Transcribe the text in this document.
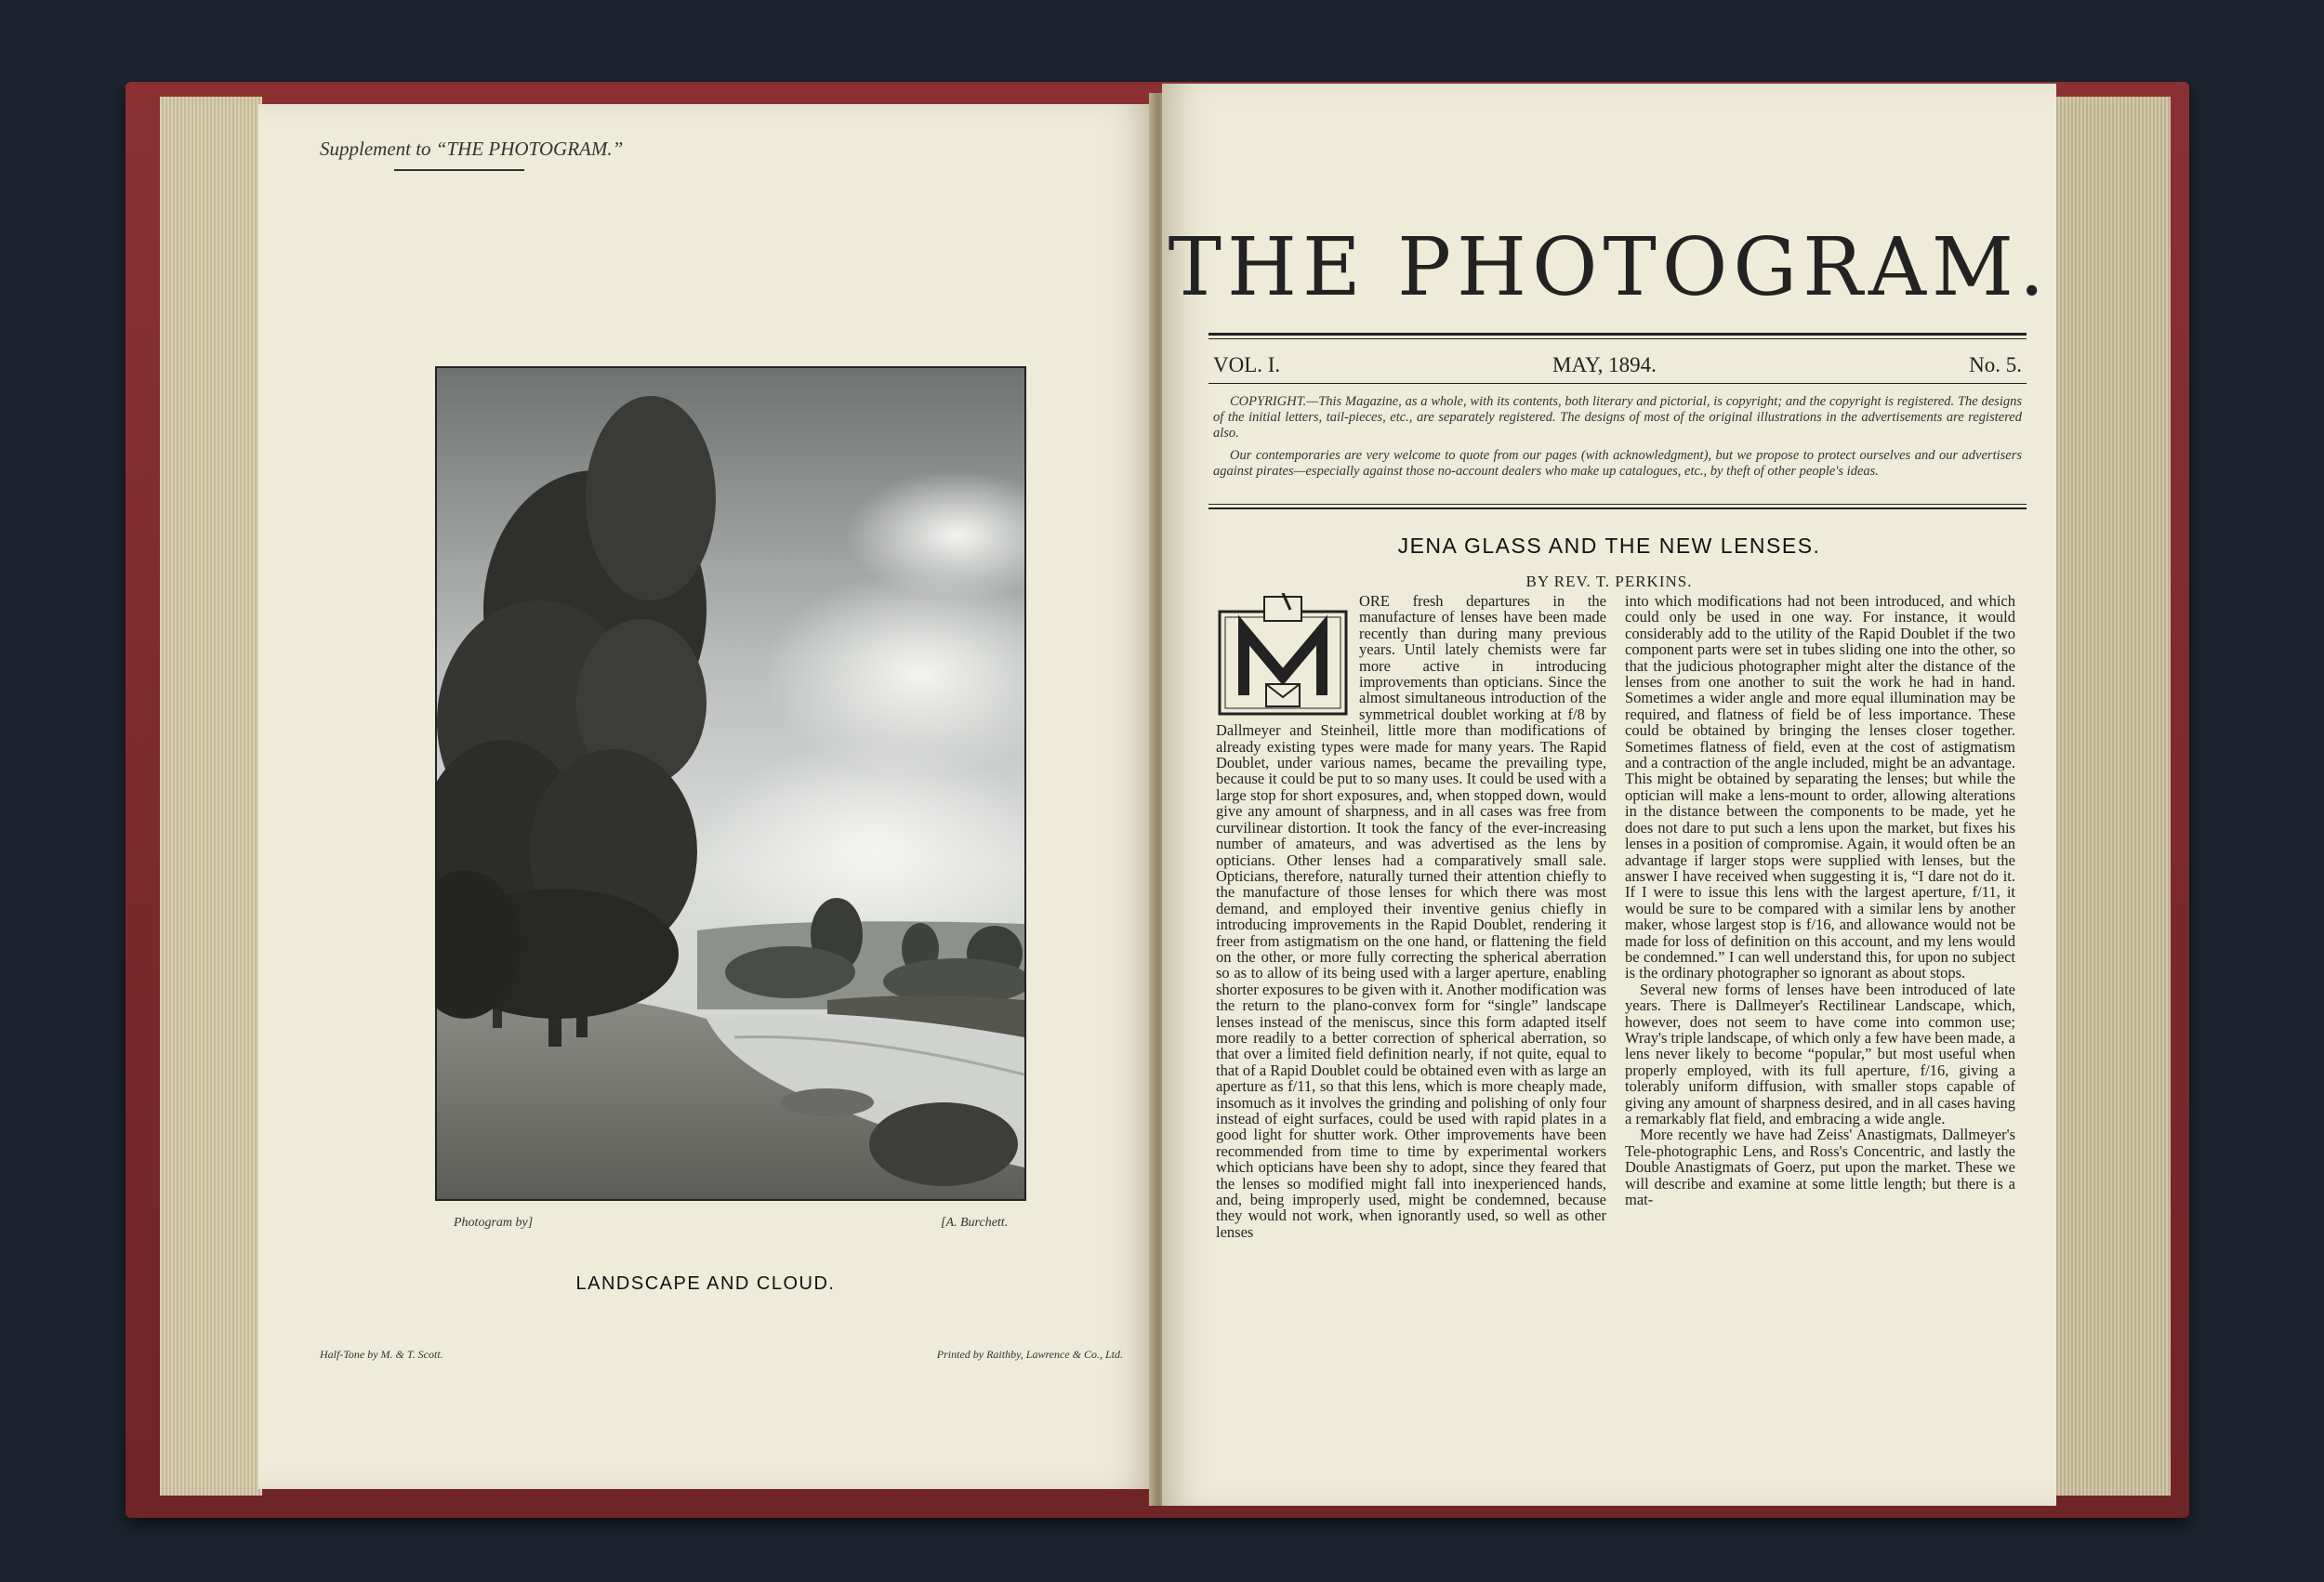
Supplement to “THE PHOTOGRAM.”
Photogram by]	[A. Burchett.
LANDSCAPE AND CLOUD.
Half-Tone by M. & T. Scott.	Printed by Raithby, Lawrence & Co., Ltd.
THE PHOTOGRAM.
VOL. I.	MAY, 1894.	No. 5.
COPYRIGHT.—This Magazine, as a whole, with its contents, both literary and pictorial, is copyright; and the copyright is registered. The designs of the initial letters, tail-pieces, etc., are separately registered. The designs of most of the original illustrations in the advertisements are registered also.
Our contemporaries are very welcome to quote from our pages (with acknowledgment), but we propose to protect ourselves and our advertisers against pirates—especially against those no-account dealers who make up catalogues, etc., by theft of other people's ideas.
JENA GLASS AND THE NEW LENSES.
BY REV. T. PERKINS.

ORE fresh departures in the manufacture of lenses have been made recently than during many previous years. Until lately chemists were far more active in introducing improvements than opticians. Since the almost simultaneous introduction of the symmetrical doublet working at f/8 by Dallmeyer and Steinheil, little more than modifications of already existing types were made for many years. The Rapid Doublet, under various names, became the prevailing type, because it could be put to so many uses. It could be used with a large stop for short exposures, and, when stopped down, would give any amount of sharpness, and in all cases was free from curvilinear distortion. It took the fancy of the ever-increasing number of amateurs, and was advertised as the lens by opticians. Other lenses had a comparatively small sale. Opticians, therefore, naturally turned their attention chiefly to the manufacture of those lenses for which there was most demand, and employed their inventive genius chiefly in introducing improvements in the Rapid Doublet, rendering it freer from astigmatism on the one hand, or flattening the field on the other, or more fully correcting the spherical aberration so as to allow of its being used with a larger aperture, enabling shorter exposures to be given with it. Another modification was the return to the plano-convex form for “single” landscape lenses instead of the meniscus, since this form adapted itself more readily to a better correction of spherical aberration, so that over a limited field definition nearly, if not quite, equal to that of a Rapid Doublet could be obtained even with as large an aperture as f/11, so that this lens, which is more cheaply made, insomuch as it involves the grinding and polishing of only four instead of eight surfaces, could be used with rapid plates in a good light for shutter work. Other improvements have been recommended from time to time by experimental workers which opticians have been shy to adopt, since they feared that the lenses so modified might fall into inexperienced hands, and, being improperly used, might be condemned, because they would not work, when ignorantly used, so well as other lenses

into which modifications had not been introduced, and which could only be used in one way. For instance, it would considerably add to the utility of the Rapid Doublet if the two component parts were set in tubes sliding one into the other, so that the judicious photographer might alter the distance of the lenses from one another to suit the work he had in hand. Sometimes a wider angle and more equal illumination may be required, and flatness of field be of less importance. These could be obtained by bringing the lenses closer together. Sometimes flatness of field, even at the cost of astigmatism and a contraction of the angle included, might be an advantage. This might be obtained by separating the lenses; but while the optician will make a lens-mount to order, allowing alterations in the distance between the components to be made, yet he does not dare to put such a lens upon the market, but fixes his lenses in a position of compromise. Again, it would often be an advantage if larger stops were supplied with lenses, but the answer I have received when suggesting it is, “I dare not do it. If I were to issue this lens with the largest aperture, f/11, it would be sure to be compared with a similar lens by another maker, whose largest stop is f/16, and allowance would not be made for loss of definition on this account, and my lens would be condemned.” I can well understand this, for upon no subject is the ordinary photographer so ignorant as about stops.

Several new forms of lenses have been introduced of late years. There is Dallmeyer's Rectilinear Landscape, which, however, does not seem to have come into common use; Wray's triple landscape, of which only a few have been made, a lens never likely to become “popular,” but most useful when properly employed, with its full aperture, f/16, giving a tolerably uniform diffusion, with smaller stops capable of giving any amount of sharpness desired, and in all cases having a remarkably flat field, and embracing a wide angle.

More recently we have had Zeiss' Anastigmats, Dallmeyer's Tele-photographic Lens, and Ross's Concentric, and lastly the Double Anastigmats of Goerz, put upon the market. These we will describe and examine at some little length; but there is a mat-
